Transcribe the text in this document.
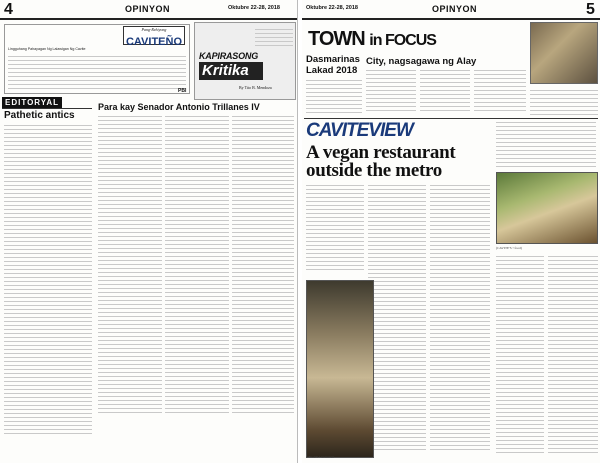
4	OPINYON	Oktubre 22-28, 2018
Lingguhang Pahayagan Ng Lalawigan Ng Cavite
Pang-Rehiyong
CAVITEÑO
KAPIRASONG
Kritika
By Tito B. Mendoza
PBI
EDITORYAL
Pathetic antics
Para kay Senador Antonio Trillanes IV
Oktubre 22-28, 2018	OPINYON	5
TOWN in FOCUS
Dasmarinas Lakad 2018
City, nagsagawa ng Alay
CAVITEVIEW
A vegan restaurant outside the metro
(CAVITE'S • food)
VEGAN • restaurant
